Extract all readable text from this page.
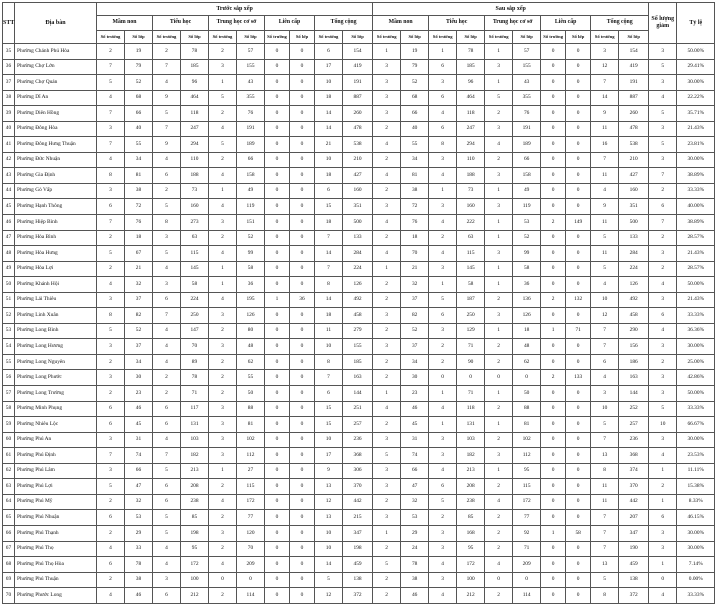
STT	Địa bàn	Trước sắp xếp										Sau sắp xếp										Số lượng giảm	Tỷ lệ
		Mầm non		Tiểu học		Trung học cơ sở		Liên cấp		Tổng cộng		Mầm non		Tiểu học		Trung học cơ sở		Liên cấp		Tổng cộng			
		Số trường	Số lớp	Số trường	Số lớp	Số trường	Số lớp	Số trường	Số lớp	Số trường	Số lớp	Số trường	Số lớp	Số trường	Số lớp	Số trường	Số lớp	Số trường	Số lớp	Số trường	Số lớp		
35	Phường Chánh Phú Hòa	2	19	2	78	2	57	0	0	6	154	1	19	1	78	1	57	0	0	3	154	3	50.00%
36	Phường Chợ Lớn	7	79	7	185	3	155	0	0	17	419	3	79	6	185	3	155	0	0	12	419	5	29.41%
37	Phường Chợ Quán	5	52	4	96	1	43	0	0	10	191	3	52	3	96	1	43	0	0	7	191	3	30.00%
38	Phường Dĩ An	4	68	9	464	5	355	0	0	18	887	3	68	6	464	5	355	0	0	14	887	4	22.22%
39	Phường Diên Hồng	7	66	5	118	2	76	0	0	14	260	3	66	4	118	2	76	0	0	9	260	5	35.71%
40	Phường Đông Hòa	3	40	7	247	4	191	0	0	14	478	2	40	6	247	3	191	0	0	11	478	3	21.43%
41	Phường Đông Hưng Thuận	7	55	9	294	5	189	0	0	21	538	4	55	8	294	4	189	0	0	16	538	5	23.81%
42	Phường Đức Nhuận	4	34	4	110	2	66	0	0	10	210	2	34	3	110	2	66	0	0	7	210	3	30.00%
43	Phường Gia Định	8	81	6	188	4	158	0	0	18	427	4	81	4	188	3	158	0	0	11	427	7	38.89%
44	Phường Gò Vấp	3	38	2	73	1	49	0	0	6	160	2	38	1	73	1	49	0	0	4	160	2	33.33%
45	Phường Hạnh Thông	6	72	5	160	4	119	0	0	15	351	3	72	3	160	3	119	0	0	9	351	6	40.00%
46	Phường Hiệp Bình	7	76	8	273	3	151	0	0	18	500	4	76	4	222	1	53	2	149	11	500	7	38.89%
47	Phường Hòa Bình	2	18	3	63	2	52	0	0	7	133	2	18	2	63	1	52	0	0	5	133	2	28.57%
48	Phường Hòa Hưng	5	67	5	115	4	99	0	0	14	284	4	70	4	115	3	99	0	0	11	284	3	21.43%
49	Phường Hòa Lợi	2	21	4	145	1	58	0	0	7	224	1	21	3	145	1	58	0	0	5	224	2	28.57%
50	Phường Khánh Hội	4	32	3	58	1	36	0	0	8	126	2	32	1	58	1	36	0	0	4	126	4	50.00%
51	Phường Lái Thiêu	3	37	6	224	4	195	1	36	14	492	2	37	5	187	2	136	2	132	10	492	3	21.43%
52	Phường Linh Xuân	8	82	7	250	3	126	0	0	18	458	3	82	6	250	3	126	0	0	12	458	6	33.33%
53	Phường Long Bình	5	52	4	147	2	80	0	0	11	279	2	52	3	129	1	18	1	71	7	290	4	36.36%
54	Phường Long Hương	3	37	4	70	3	48	0	0	10	155	3	37	2	71	2	48	0	0	7	156	3	30.00%
55	Phường Long Nguyên	2	34	4	89	2	62	0	0	8	185	2	34	2	90	2	62	0	0	6	186	2	25.00%
56	Phường Long Phước	3	30	2	78	2	55	0	0	7	163	2	30	0	0	0	0	2	133	4	163	3	42.86%
57	Phường Long Trường	2	23	2	71	2	50	0	0	6	144	1	23	1	71	1	50	0	0	3	144	3	50.00%
58	Phường Minh Phụng	6	46	6	117	3	88	0	0	15	251	4	46	4	118	2	88	0	0	10	252	5	33.33%
59	Phường Nhiêu Lộc	6	45	6	131	3	81	0	0	15	257	2	45	1	131	1	81	0	0	5	257	10	66.67%
60	Phường Phú An	3	31	4	103	3	102	0	0	10	236	3	31	3	103	2	102	0	0	7	236	3	30.00%
61	Phường Phú Định	7	74	7	182	3	112	0	0	17	368	5	74	3	182	3	112	0	0	13	368	4	23.53%
62	Phường Phú Lâm	3	66	5	213	1	27	0	0	9	306	3	66	4	213	1	95	0	0	8	374	1	11.11%
63	Phường Phú Lợi	5	47	6	208	2	115	0	0	13	370	3	47	6	208	2	115	0	0	11	370	2	15.38%
64	Phường Phú Mỹ	2	32	6	238	4	172	0	0	12	442	2	32	5	238	4	172	0	0	11	442	1	8.33%
65	Phường Phú Nhuận	6	53	5	85	2	77	0	0	13	215	3	53	2	85	2	77	0	0	7	207	6	46.15%
66	Phường Phú Thạnh	2	29	5	198	3	120	0	0	10	347	1	29	3	168	2	92	1	58	7	347	3	30.00%
67	Phường Phú Thọ	4	33	4	95	2	70	0	0	10	198	2	24	3	95	2	71	0	0	7	190	3	30.00%
68	Phường Phú Thọ Hòa	6	78	4	172	4	209	0	0	14	459	5	78	4	172	4	209	0	0	13	459	1	7.14%
69	Phường Phú Thuận	2	38	3	100	0	0	0	0	5	138	2	38	3	100	0	0	0	0	5	138	0	0.00%
70	Phường Phước Long	4	46	6	212	2	114	0	0	12	372	2	46	4	212	2	114	0	0	8	372	4	33.33%
